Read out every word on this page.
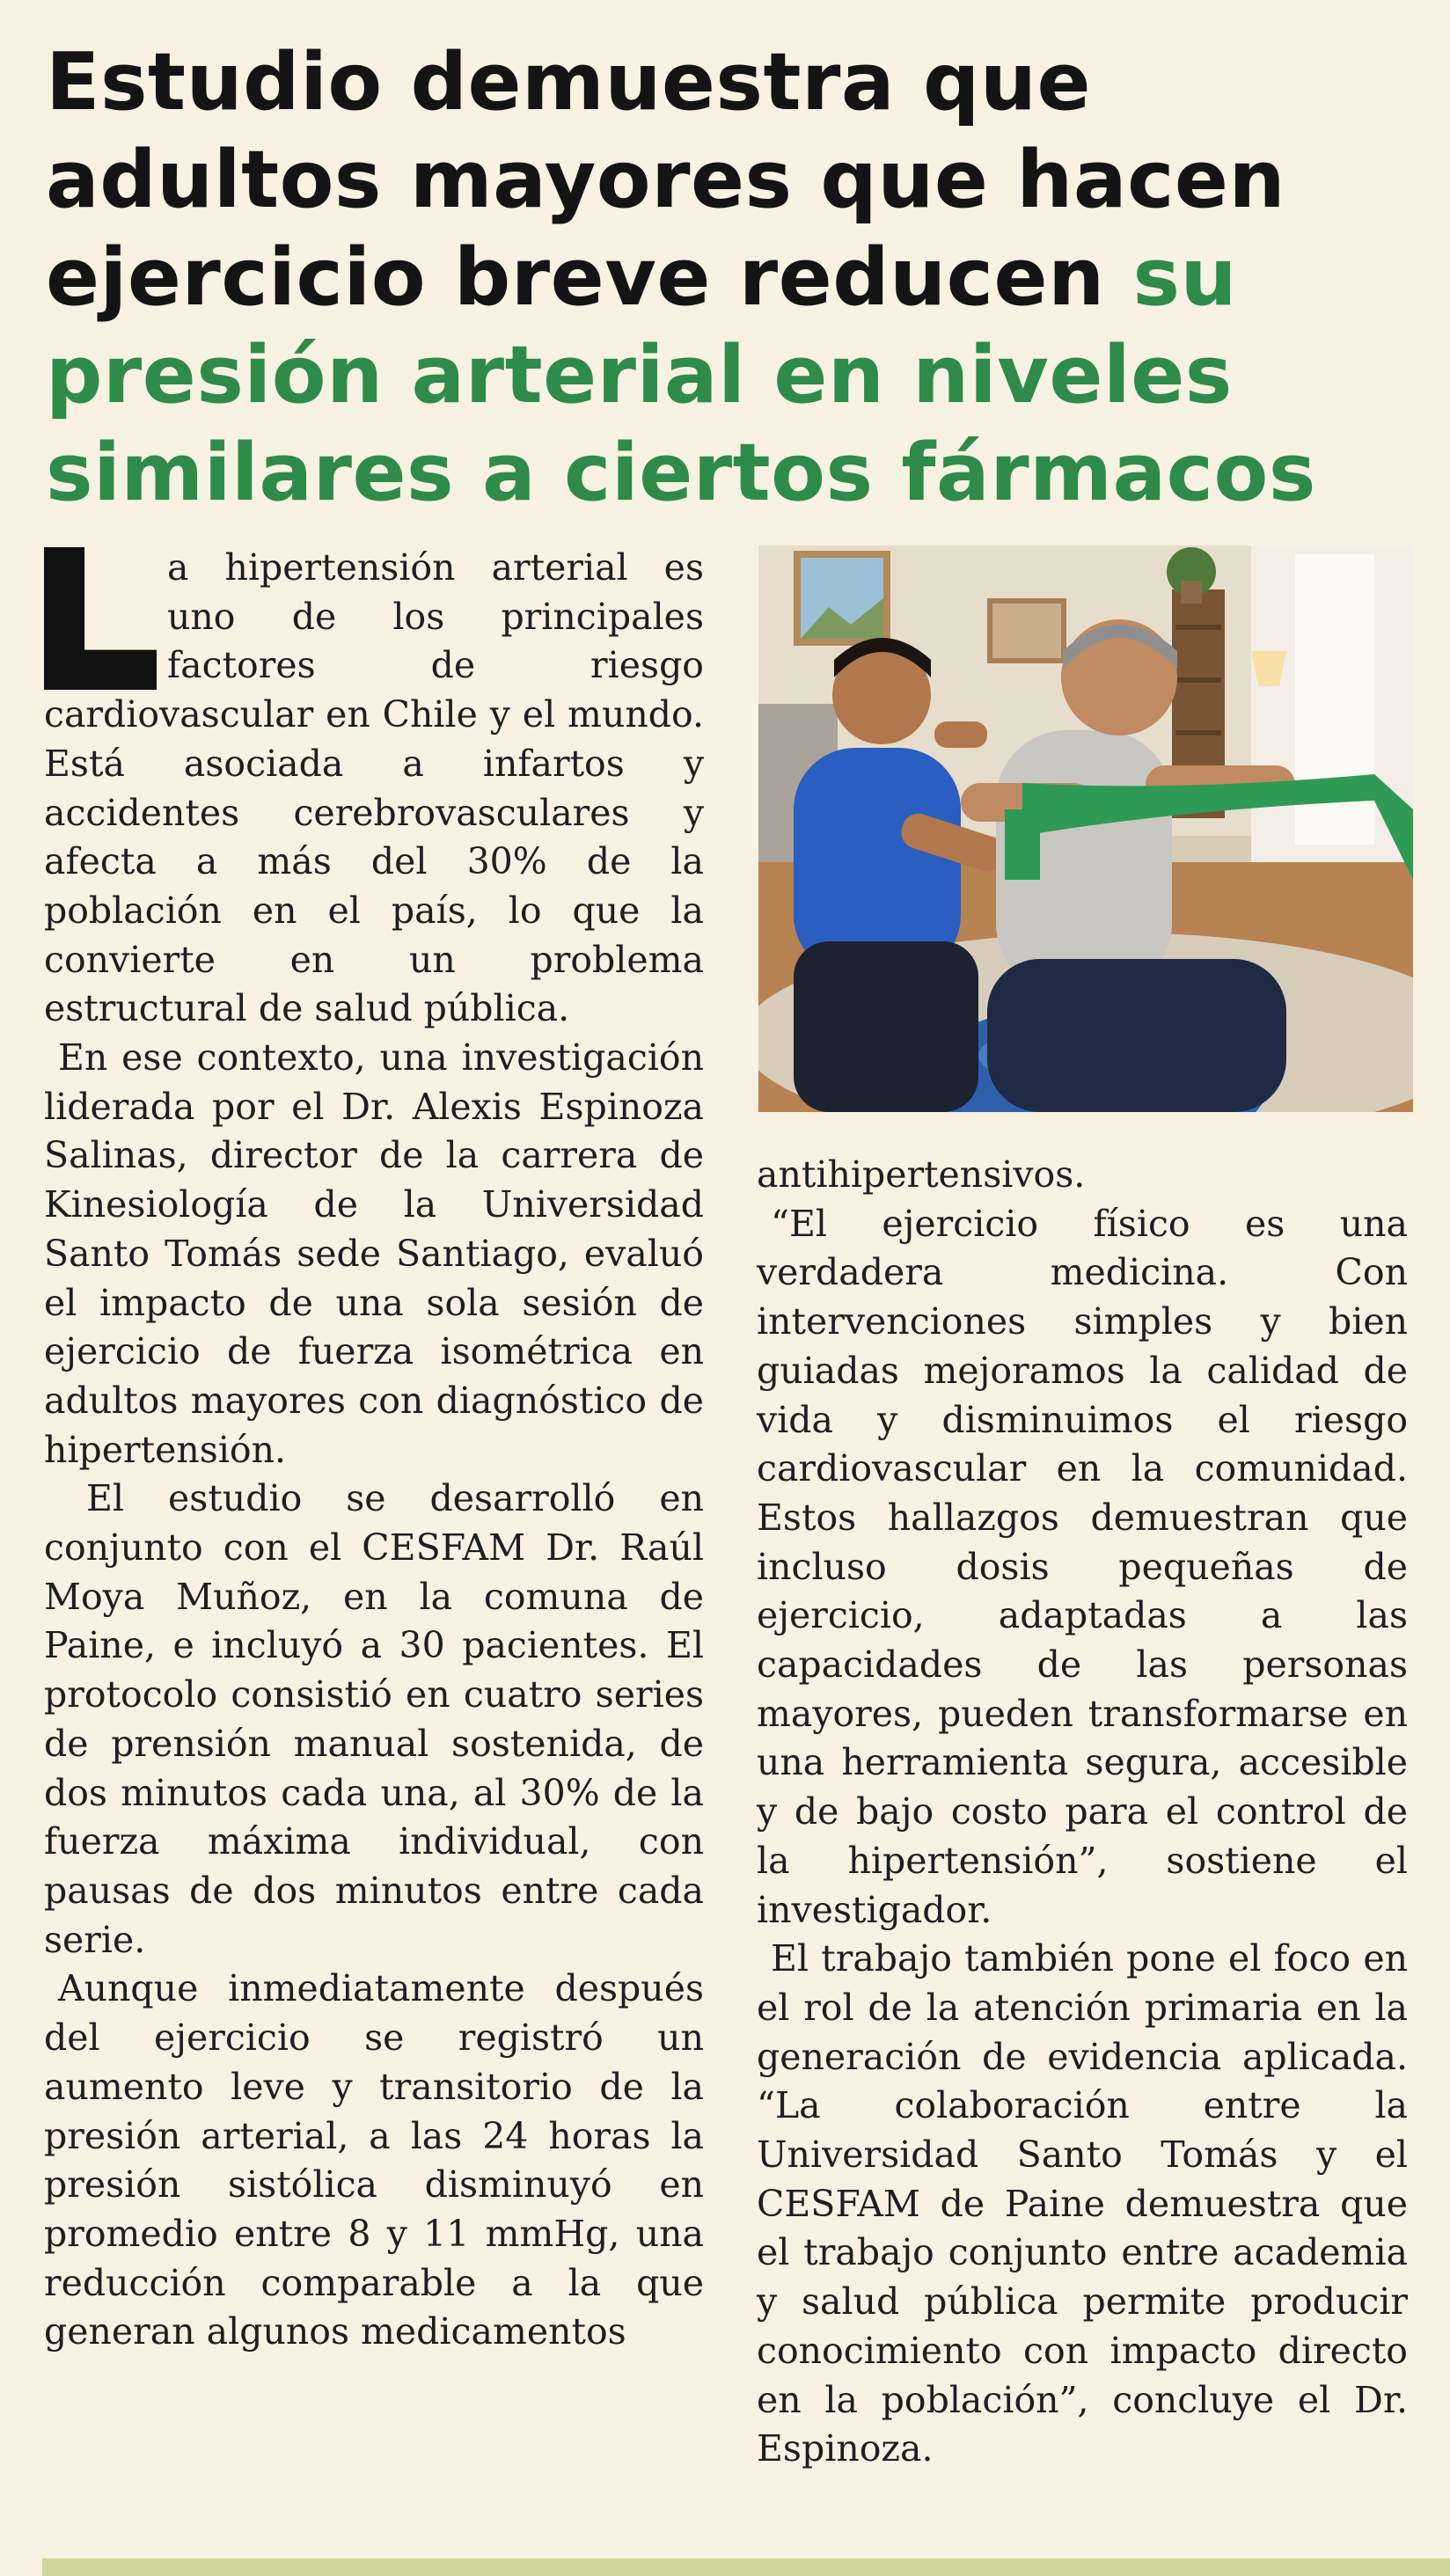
Estudio demuestra que adultos mayores que hacen ejercicio breve reducen su presión arterial en niveles similares a ciertos fármacos

a hipertensión arterial es uno de los principales factores de riesgo cardiovascular en Chile y el mundo. Está asociada a infartos y accidentes cerebrovasculares y afecta a más del 30% de la población en el país, lo que la convierte en un problema estructural de salud pública.

En ese contexto, una investigación liderada por el Dr. Alexis Espinoza Salinas, director de la carrera de Kinesiología de la Universidad Santo Tomás sede Santiago, evaluó el impacto de una sola sesión de ejercicio de fuerza isométrica en adultos mayores con diagnóstico de hipertensión.

El estudio se desarrolló en conjunto con el CESFAM Dr. Raúl Moya Muñoz, en la comuna de Paine, e incluyó a 30 pacientes. El protocolo consistió en cuatro series de prensión manual sostenida, de dos minutos cada una, al 30% de la fuerza máxima individual, con pausas de dos minutos entre cada serie.

Aunque inmediatamente después del ejercicio se registró un aumento leve y transitorio de la presión arterial, a las 24 horas la presión sistólica disminuyó en promedio entre 8 y 11 mmHg, una reducción comparable a la que generan algunos medicamentos

antihipertensivos.

“El ejercicio físico es una verdadera medicina. Con intervenciones simples y bien guiadas mejoramos la calidad de vida y disminuimos el riesgo cardiovascular en la comunidad. Estos hallazgos demuestran que incluso dosis pequeñas de ejercicio, adaptadas a las capacidades de las personas mayores, pueden transformarse en una herramienta segura, accesible y de bajo costo para el control de la hipertensión”, sostiene el investigador.

El trabajo también pone el foco en el rol de la atención primaria en la generación de evidencia aplicada. “La colaboración entre la Universidad Santo Tomás y el CESFAM de Paine demuestra que el trabajo conjunto entre academia y salud pública permite producir conocimiento con impacto directo en la población”, concluye el Dr. Espinoza.
